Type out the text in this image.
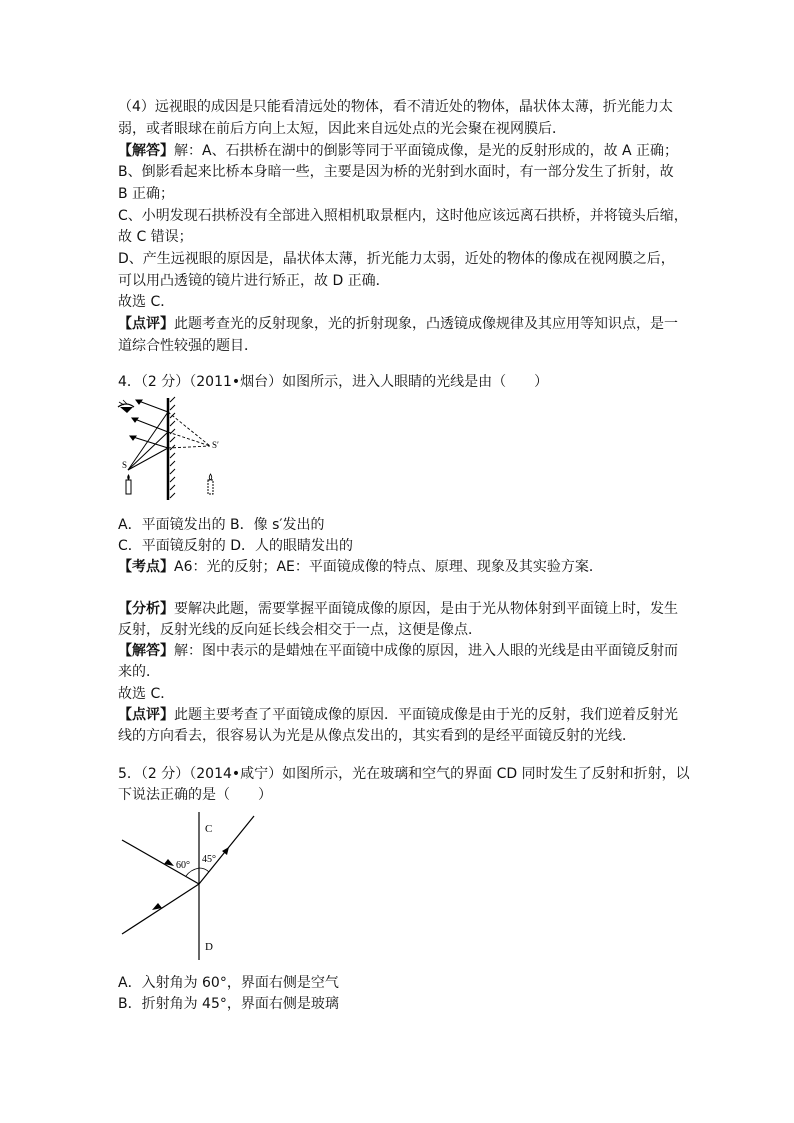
（4）远视眼的成因是只能看清远处的物体，看不清近处的物体，晶状体太薄，折光能力太
弱，或者眼球在前后方向上太短，因此来自远处点的光会聚在视网膜后．
【解答】解：A、石拱桥在湖中的倒影等同于平面镜成像，是光的反射形成的，故 A 正确；
B、倒影看起来比桥本身暗一些，主要是因为桥的光射到水面时，有一部分发生了折射，故
B 正确；
C、小明发现石拱桥没有全部进入照相机取景框内，这时他应该远离石拱桥，并将镜头后缩，
故 C 错误；
D、产生远视眼的原因是，晶状体太薄，折光能力太弱，近处的物体的像成在视网膜之后，
可以用凸透镜的镜片进行矫正，故 D 正确．
故选 C．
【点评】此题考查光的反射现象，光的折射现象，凸透镜成像规律及其应用等知识点，是一
道综合性较强的题目．
4．（2 分）（2011•烟台）如图所示，进入人眼睛的光线是由（　　）
S
S′
A．平面镜发出的 B．像 s′发出的
C．平面镜反射的 D．人的眼睛发出的
【考点】A6：光的反射；AE：平面镜成像的特点、原理、现象及其实验方案．
【分析】要解决此题，需要掌握平面镜成像的原因，是由于光从物体射到平面镜上时，发生
反射，反射光线的反向延长线会相交于一点，这便是像点．
【解答】解：图中表示的是蜡烛在平面镜中成像的原因，进入人眼的光线是由平面镜反射而
来的．
故选 C．
【点评】此题主要考查了平面镜成像的原因．平面镜成像是由于光的反射，我们逆着反射光
线的方向看去，很容易认为光是从像点发出的，其实看到的是经平面镜反射的光线．
5．（2 分）（2014•咸宁）如图所示，光在玻璃和空气的界面 CD 同时发生了反射和折射，以
下说法正确的是（　　）
C
D
60°
45°
A．入射角为 60°，界面右侧是空气
B．折射角为 45°，界面右侧是玻璃
